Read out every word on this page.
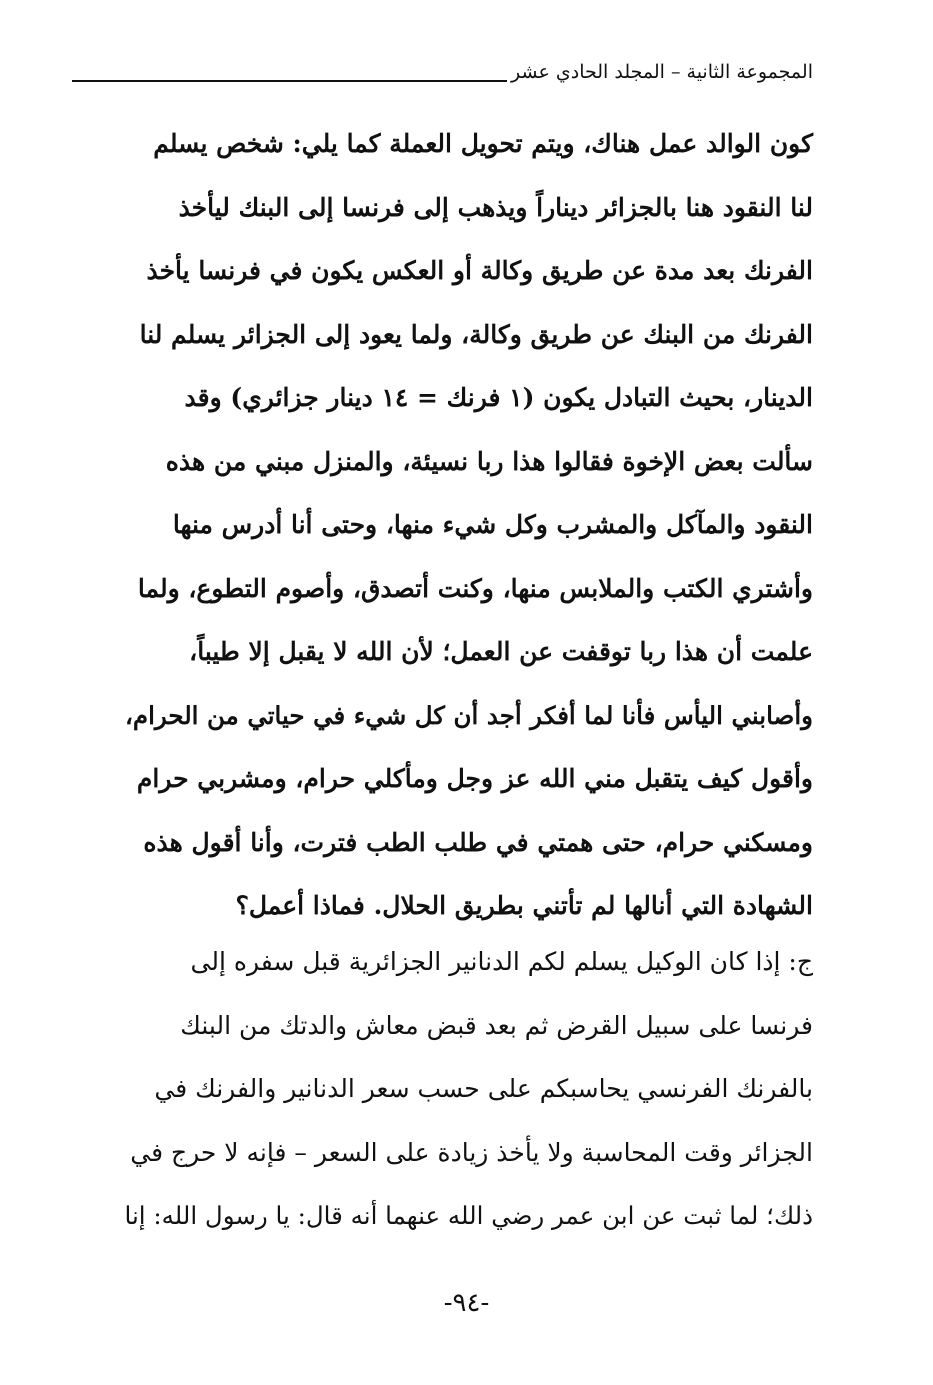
المجموعة الثانية – المجلد الحادي عشر
كون الوالد عمل هناك، ويتم تحويل العملة كما يلي: شخص يسلم
لنا النقود هنا بالجزائر ديناراً ويذهب إلى فرنسا إلى البنك ليأخذ
الفرنك بعد مدة عن طريق وكالة أو العكس يكون في فرنسا يأخذ
الفرنك من البنك عن طريق وكالة، ولما يعود إلى الجزائر يسلم لنا
الدينار، بحيث التبادل يكون (١ فرنك = ١٤ دينار جزائري) وقد
سألت بعض الإخوة فقالوا هذا ربا نسيئة، والمنزل مبني من هذه
النقود والمآكل والمشرب وكل شيء منها، وحتى أنا أدرس منها
وأشتري الكتب والملابس منها، وكنت أتصدق، وأصوم التطوع، ولما
علمت أن هذا ربا توقفت عن العمل؛ لأن الله لا يقبل إلا طيباً،
وأصابني اليأس فأنا لما أفكر أجد أن كل شيء في حياتي من الحرام،
وأقول كيف يتقبل مني الله عز وجل ومأكلي حرام، ومشربي حرام
ومسكني حرام، حتى همتي في طلب الطب فترت، وأنا أقول هذه
الشهادة التي أنالها لم تأتني بطريق الحلال. فماذا أعمل؟
ج: إذا كان الوكيل يسلم لكم الدنانير الجزائرية قبل سفره إلى
فرنسا على سبيل القرض ثم بعد قبض معاش والدتك من البنك
بالفرنك الفرنسي يحاسبكم على حسب سعر الدنانير والفرنك في
الجزائر وقت المحاسبة ولا يأخذ زيادة على السعر – فإنه لا حرج في
ذلك؛ لما ثبت عن ابن عمر رضي الله عنهما أنه قال: يا رسول الله: إنا
-٩٤-
